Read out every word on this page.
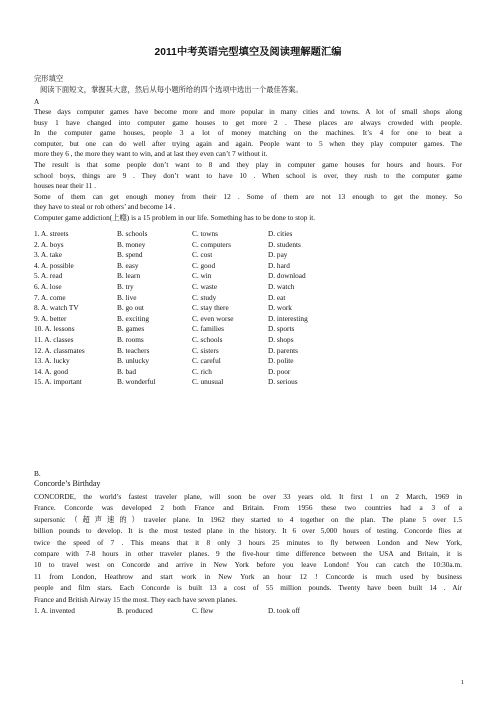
2011中考英语完型填空及阅读理解题汇编
完形填空
阅读下面短文，掌握其大意，然后从每小题所给的四个选项中选出一个最佳答案。
A
These days computer games have become more and more popular in many cities and towns. A lot of small shops along
busy 1 have changed into computer game houses to get more 2 . These places are always crowded with people.
In the computer game houses, people 3 a lot of money matching on the machines. It’s 4 for one to beat a
computer, but one can do well after trying again and again. People want to 5 when they play computer games. The
more they 6 , the more they want to win, and at last they even can’t 7 without it.
The result is that some people don’t want to 8 and they play in computer game houses for hours and hours. For
school boys, things are 9 . They don’t want to have 10 . When school is over, they rush to the computer game
houses near their 11 .
Some of them can get enough money from their 12 . Some of them are not 13 enough to get the money. So
they have to steal or rob others’ and become 14 .
Computer game addiction(上瘾) is a 15 problem in our life. Something has to be done to stop it.
1. A. streets	B. schools	C. towns	D. cities
2. A. boys	B. money	C. computers	D. students
3. A. take	B. spend	C. cost	D. pay
4. A. possible	B. easy	C. good	D. hard
5. A. read	B. learn	C. win	D. download
6. A. lose	B. try	C. waste	D. watch
7. A. come	B. live	C. study	D. eat
8. A. watch TV	B. go out	C. stay there	D. work
9. A. better	B. exciting	C. even worse	D. interesting
10. A. lessons	B. games	C. families	D. sports
11. A. classes	B. rooms	C. schools	D. shops
12. A. classmates	B. teachers	C. sisters	D. parents
13. A. lucky	B. unlucky	C. careful	D. polite
14. A. good	B. bad	C. rich	D. poor
15. A. important	B. wonderful	C. unusual	D. serious
B.
Concorde’s Birthday
CONCORDE, the world’s fastest traveler plane, will soon be over 33 years old. It first 1 on 2 March, 1969 in
France. Concorde was developed 2 both France and Britain. From 1956 these two countries had a 3 of a
supersonic（超声速的）traveler plane. In 1962 they started to 4 together on the plan. The plane 5 over 1.5
billion pounds to develop. It is the most tested plane in the history. It 6 over 5,000 hours of testing. Concorde flies at
twice the speed of 7 . This means that it 8 only 3 hours 25 minutes to fly between London and New York,
compare with 7-8 hours in other traveler planes. 9 the five-hour time difference between the USA and Britain, it is
10 to travel west on Concorde and arrive in New York before you leave London! You can catch the 10:30a.m.
11 from London, Heathrow and start work in New York an hour 12 ! Concorde is much used by business
people and film stars. Each Concorde is built 13 a cost of 55 million pounds. Twenty have been built 14 . Air
France and British Airway 15 the most. They each have seven planes.
1. A. invented	B. produced	C. flew	D. took off
1
